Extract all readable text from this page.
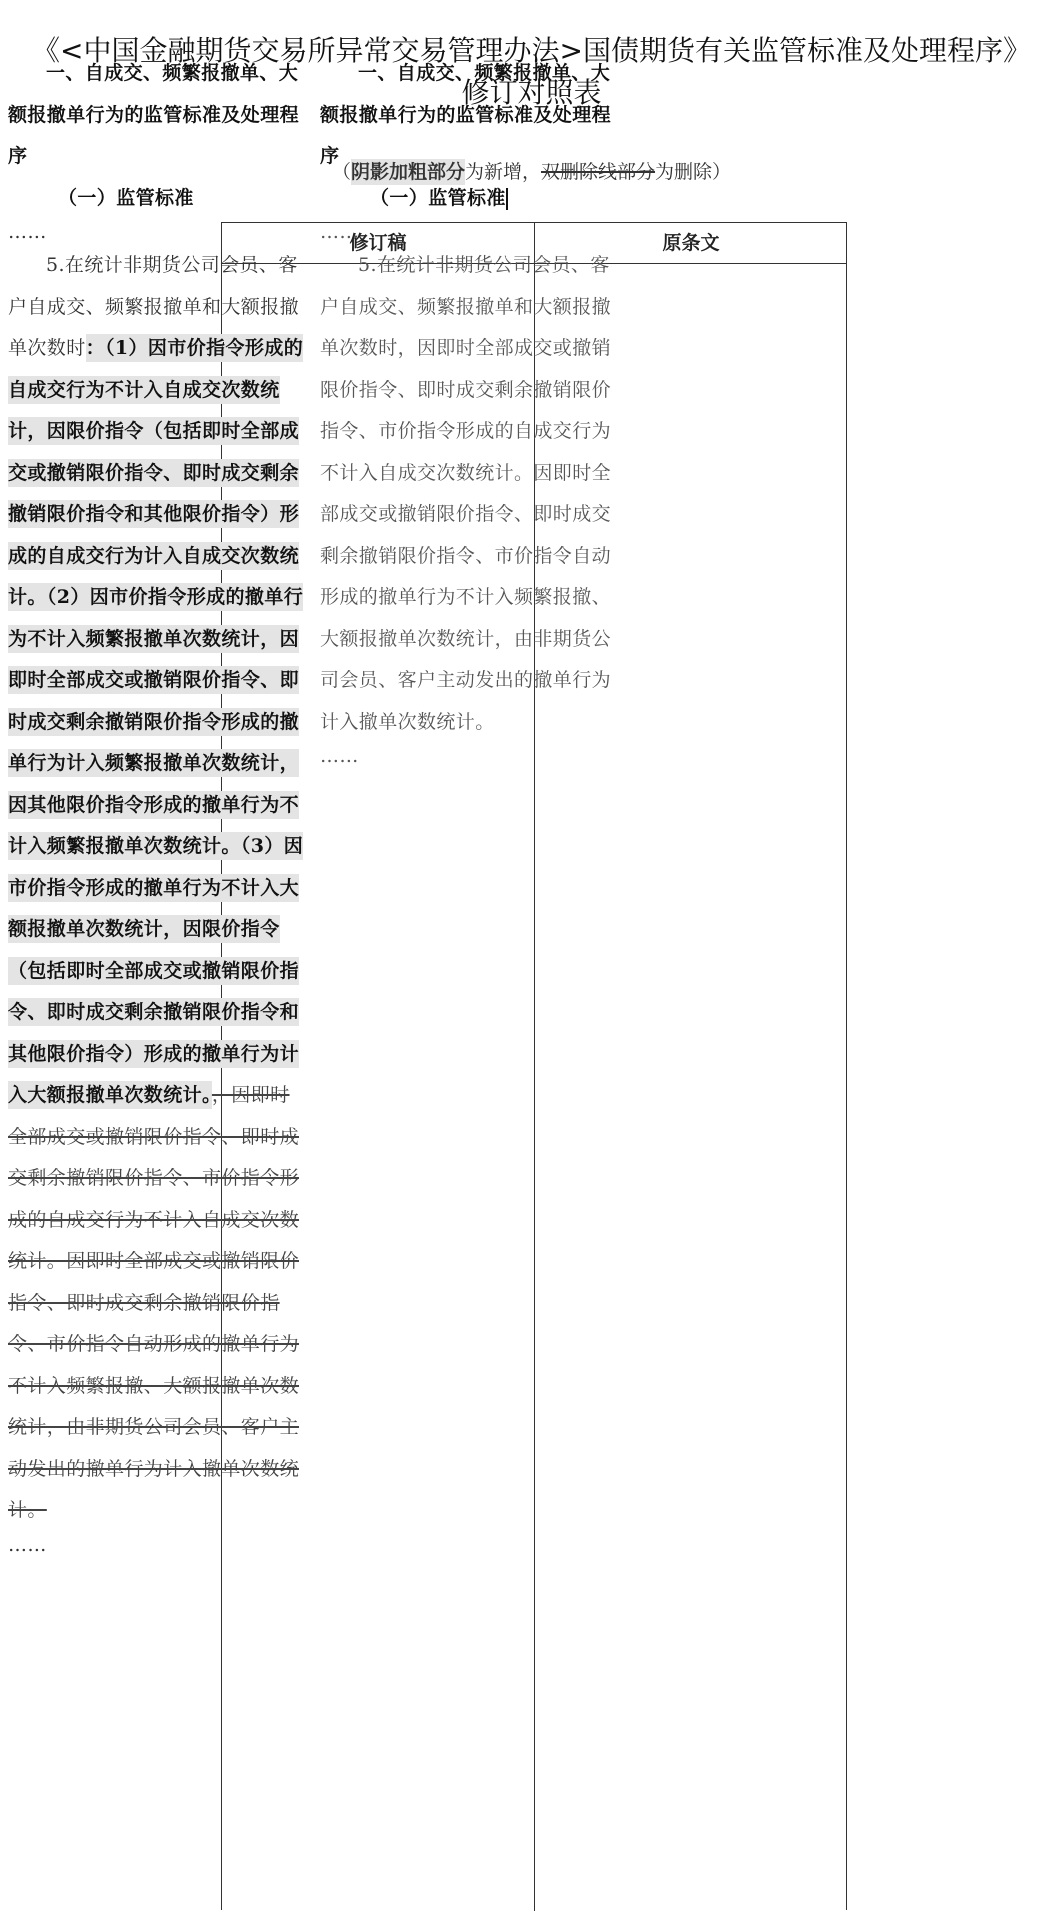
《<中国金融期货交易所异常交易管理办法>国债期货有关监管标准及处理程序》
修订对照表
（阴影加粗部分为新增，双删除线部分为删除）
修订稿	原条文

一、自成交、频繁报撤单、大额报撤单行为的监管标准及处理程序

（一）监管标准

……

5.在统计非期货公司会员、客户自成交、频繁报撤单和大额报撤单次数时：（1）因市价指令形成的自成交行为不计入自成交次数统计，因限价指令（包括即时全部成交或撤销限价指令、即时成交剩余撤销限价指令和其他限价指令）形成的自成交行为计入自成交次数统计。（2）因市价指令形成的撤单行为不计入频繁报撤单次数统计，因即时全部成交或撤销限价指令、即时成交剩余撤销限价指令形成的撤单行为计入频繁报撤单次数统计，因其他限价指令形成的撤单行为不计入频繁报撤单次数统计。（3）因市价指令形成的撤单行为不计入大额报撤单次数统计，因限价指令（包括即时全部成交或撤销限价指令、即时成交剩余撤销限价指令和其他限价指令）形成的撤单行为计入大额报撤单次数统计。，因即时全部成交或撤销限价指令、即时成交剩余撤销限价指令、市价指令形成的自成交行为不计入自成交次数统计。因即时全部成交或撤销限价指令、即时成交剩余撤销限价指令、市价指令自动形成的撤单行为不计入频繁报撤、大额报撤单次数统计，由非期货公司会员、客户主动发出的撤单行为计入撤单次数统计。

……

一、自成交、频繁报撤单、大额报撤单行为的监管标准及处理程序

（一）监管标准

……

5.在统计非期货公司会员、客户自成交、频繁报撤单和大额报撤单次数时，因即时全部成交或撤销限价指令、即时成交剩余撤销限价指令、市价指令形成的自成交行为不计入自成交次数统计。因即时全部成交或撤销限价指令、即时成交剩余撤销限价指令、市价指令自动形成的撤单行为不计入频繁报撤、大额报撤单次数统计，由非期货公司会员、客户主动发出的撤单行为计入撤单次数统计。

……
